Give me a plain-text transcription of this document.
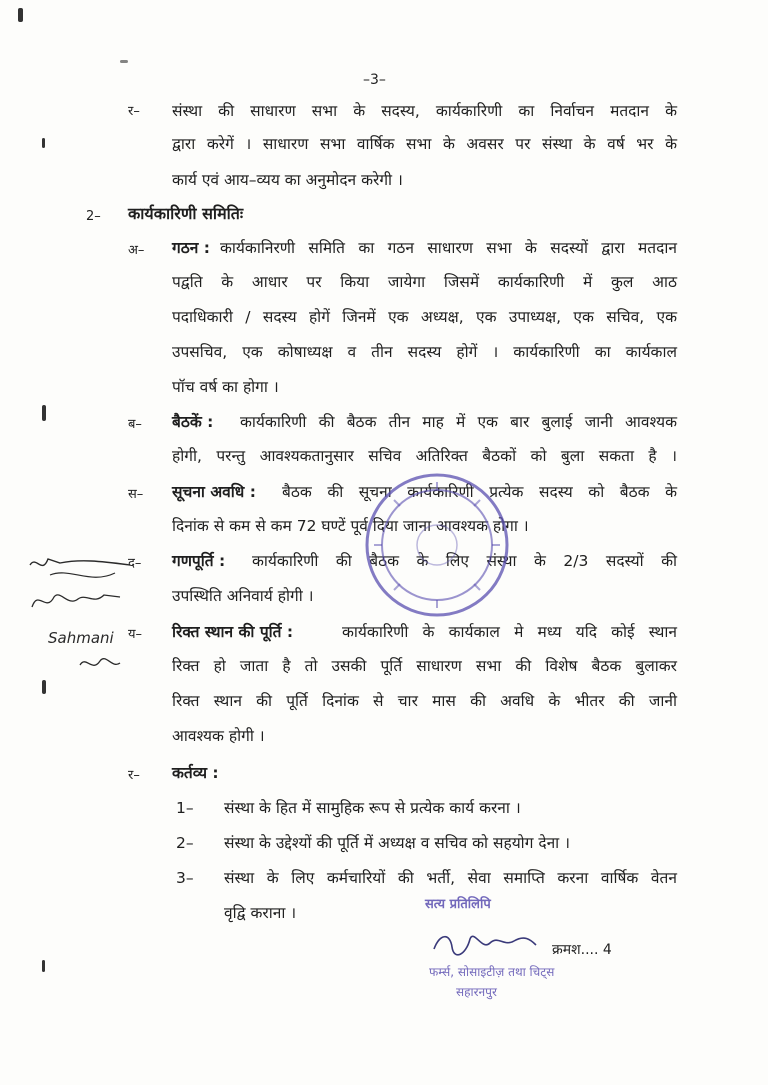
–3–
र– संस्था की साधारण सभा के सदस्य, कार्यकारिणी का निर्वाचन मतदान के
द्वारा करेगें । साधारण सभा वार्षिक सभा के अवसर पर संस्था के वर्ष भर के
कार्य एवं आय–व्यय का अनुमोदन करेगी ।
2– कार्यकारिणी समितिः
अ– गठन : कार्यकानिरणी समिति का गठन साधारण सभा के सदस्यों द्वारा मतदान
पद्वति के आधार पर किया जायेगा जिसमें कार्यकारिणी में कुल आठ
पदाधिकारी / सदस्य होगें जिनमें एक अध्यक्ष, एक उपाध्यक्ष, एक सचिव, एक
उपसचिव, एक कोषाध्यक्ष व तीन सदस्य होगें । कार्यकारिणी का कार्यकाल
पॉच वर्ष का होगा ।
ब– बैठकें : कार्यकारिणी की बैठक तीन माह में एक बार बुलाई जानी आवश्यक
होगी, परन्तु आवश्यकतानुसार सचिव अतिरिक्त बैठकों को बुला सकता है ।
स– सूचना अवधि : बैठक की सूचना कार्यकारिणी प्रत्येक सदस्य को बैठक के
दिनांक से कम से कम 72 घण्टें पूर्व दिया जाना आवश्यक होगा ।
द– गणपूर्ति : कार्यकारिणी की बैठक के लिए संस्था के 2/3 सदस्यों की
उपस्थिति अनिवार्य होगी ।
य– रिक्त स्थान की पूर्ति :	कार्यकारिणी के कार्यकाल मे मध्य यदि कोई स्थान
रिक्त हो जाता है तो उसकी पूर्ति साधारण सभा की विशेष बैठक बुलाकर
रिक्त स्थान की पूर्ति दिनांक से चार मास की अवधि के भीतर की जानी
आवश्यक होगी ।
र– कर्तव्य :
1– संस्था के हित में सामुहिक रूप से प्रत्येक कार्य करना ।
2– संस्था के उद्देश्यों की पूर्ति में अध्यक्ष व सचिव को सहयोग देना ।
3– संस्था के लिए कर्मचारियों की भर्ती, सेवा समाप्ति करना वार्षिक वेतन
वृद्वि कराना ।
क्रमश.... 4
सत्य प्रतिलिपि
फर्म्स, सोसाइटीज़ तथा चिट्स
सहारनपुर
Sahmani
